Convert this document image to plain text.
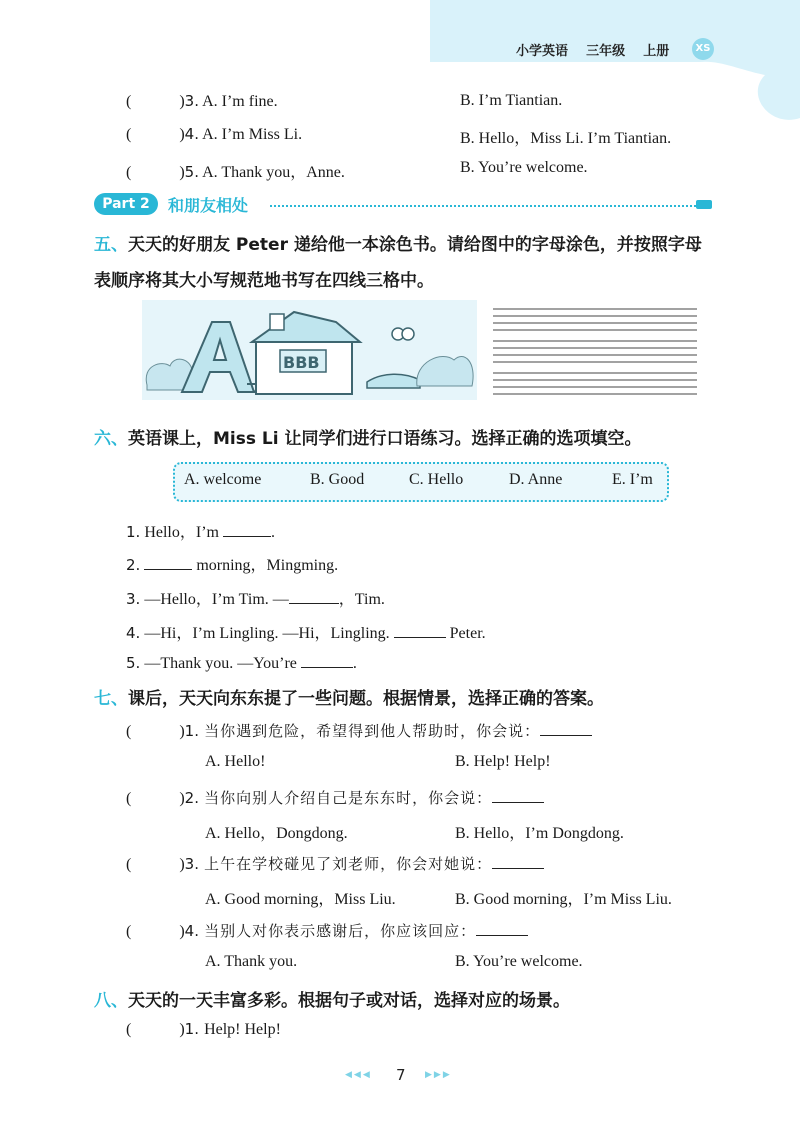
小学英语 三年级 上册	XS
(	)3. A. I’m fine.	B. I’m Tiantian.
(	)4. A. I’m Miss Li.	B. Hello，Miss Li. I’m Tiantian.
(	)5. A. Thank you，Anne.	B. You’re welcome.
Part 2	和朋友相处
五、天天的好朋友 Peter 递给他一本涂色书。请给图中的字母涂色，并按照字母
表顺序将其大小写规范地书写在四线三格中。
BBB
六、英语课上，Miss Li 让同学们进行口语练习。选择正确的选项填空。
A. welcome	B. Good	C. Hello	D. Anne	E. I’m
1. Hello，I’m	.
2.	morning，Mingming.
3. —Hello，I’m Tim. —	，Tim.
4. —Hi，I’m Lingling. —Hi，Lingling.	Peter.
5. —Thank you. —You’re	.
七、课后，天天向东东提了一些问题。根据情景，选择正确的答案。
(	)1. 当你遇到危险，希望得到他人帮助时，你会说：
A. Hello!	B. Help! Help!
(	)2. 当你向别人介绍自己是东东时，你会说：
A. Hello，Dongdong.	B. Hello，I’m Dongdong.
(	)3. 上午在学校碰见了刘老师，你会对她说：
A. Good morning，Miss Liu.	B. Good morning，I’m Miss Liu.
(	)4. 当别人对你表示感谢后，你应该回应：
A. Thank you.	B. You’re welcome.
八、天天的一天丰富多彩。根据句子或对话，选择对应的场景。
(	)1. Help! Help!
◀◀◀ 7 ▶▶▶
